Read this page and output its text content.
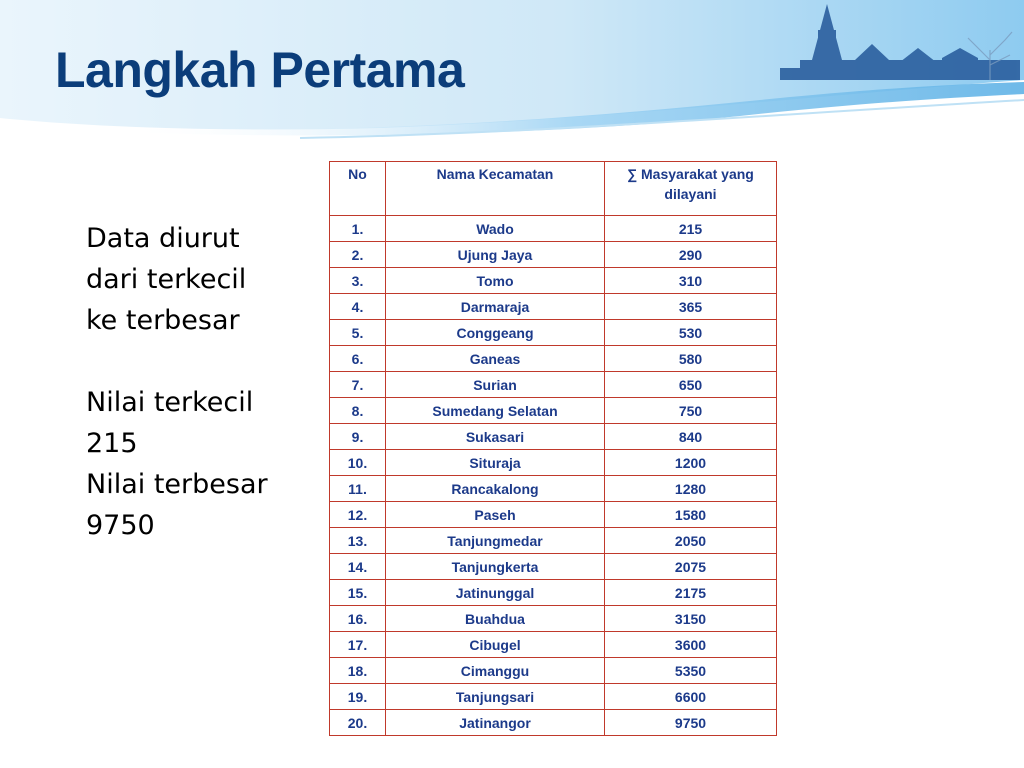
Langkah Pertama
Data diurut
dari terkecil
ke terbesar
Nilai terkecil
215
Nilai terbesar
9750
No	Nama Kecamatan	∑ Masyarakat yang dilayani
1.	Wado	215
2.	Ujung Jaya	290
3.	Tomo	310
4.	Darmaraja	365
5.	Conggeang	530
6.	Ganeas	580
7.	Surian	650
8.	Sumedang Selatan	750
9.	Sukasari	840
10.	Situraja	1200
11.	Rancakalong	1280
12.	Paseh	1580
13.	Tanjungmedar	2050
14.	Tanjungkerta	2075
15.	Jatinunggal	2175
16.	Buahdua	3150
17.	Cibugel	3600
18.	Cimanggu	5350
19.	Tanjungsari	6600
20.	Jatinangor	9750
